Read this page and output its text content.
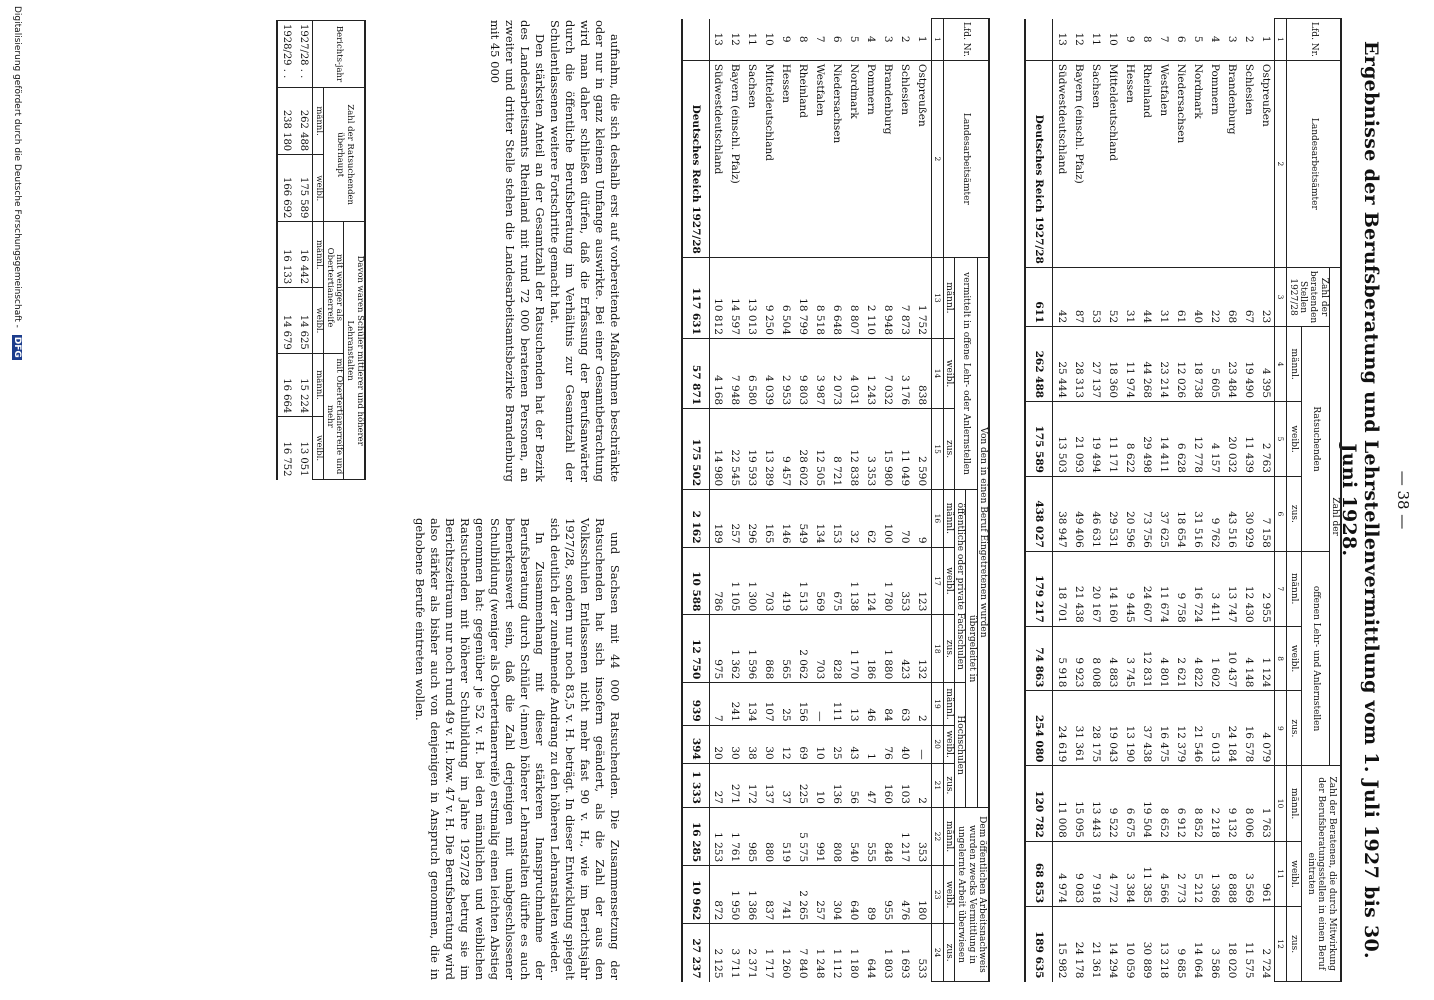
— 38 —
Ergebnisse der Berufsberatung und Lehrstellenvermittlung vom 1. Juli 1927 bis 30. Juni 1928.
Lfd. Nr.	Landesarbeitsämter	Zahl der							Zahl der Beratenen, die durch Mitwirkung der Berufsberatungsstellen in einen Beruf eintraten		
		Zahl der beratenden Stellen 1927/28	Ratsuchenden			offenen Lehr- und Anlernstellen					
			männl.	weibl.	zus.	männl.	weibl.	zus.	männl.	weibl.	zus.
1	2	3	4	5	6	7	8	9	10	11	12
1	Ostpreußen	23	4 395	2 763	7 158	2 955	1 124	4 079	1 763	961	2 724
2	Schlesien	67	19 490	11 439	30 929	12 430	4 148	16 578	8 006	3 569	11 575
3	Brandenburg	68	23 484	20 032	43 516	13 747	10 437	24 184	9 132	8 888	18 020
4	Pommern	22	5 605	4 157	9 762	3 411	1 602	5 013	2 218	1 368	3 586
5	Nordmark	40	18 738	12 778	31 516	16 724	4 822	21 546	8 852	5 212	14 064
6	Niedersachsen	61	12 026	6 628	18 654	9 758	2 621	12 379	6 912	2 773	9 685
7	Westfalen	31	23 214	14 411	37 625	11 674	4 801	16 475	8 652	4 566	13 218
8	Rheinland	44	44 268	29 498	73 756	24 607	12 831	37 438	19 504	11 385	30 889
9	Hessen	31	11 974	8 622	20 596	9 445	3 745	13 190	6 675	3 384	10 059
10	Mitteldeutschland	52	18 360	11 171	29 531	14 160	4 883	19 043	9 522	4 772	14 294
11	Sachsen	53	27 137	19 494	46 631	20 167	8 008	28 175	13 443	7 918	21 361
12	Bayern (einschl. Pfalz)	87	28 313	21 093	49 406	21 438	9 923	31 361	15 095	9 083	24 178
13	Südwestdeutschland	42	25 444	13 503	38 947	18 701	5 918	24 619	11 008	4 974	15 982
	Deutsches Reich 1927/28	611	262 488	175 589	438 027	179 217	74 863	254 080	120 782	68 853	189 635
Lfd. Nr.	Landesarbeitsämter	Von den in einen Beruf Eingetretenen wurden									Dem öffentlichen Arbeitsnachweis wurden zwecks Vermittlung in ungelernte Arbeit überwiesen		
		vermittelt in offene Lehr- oder Anlernstellen			übergeleitet in								
					öffentliche oder private Fachschulen			Hochschulen					
		männl.	weibl.	zus.	männl.	weibl.	zus.	männl.	weibl.	zus.	männl.	weibl.	zus.
1	2	13	14	15	16	17	18	19	20	21	22	23	24
1	Ostpreußen	1 752	838	2 590	9	123	132	2	—	2	353	180	533
2	Schlesien	7 873	3 176	11 049	70	353	423	63	40	103	1 217	476	1 693
3	Brandenburg	8 948	7 032	15 980	100	1 780	1 880	84	76	160	848	955	1 803
4	Pommern	2 110	1 243	3 353	62	124	186	46	1	47	555	89	644
5	Nordmark	8 807	4 031	12 838	32	1 138	1 170	13	43	56	540	640	1 180
6	Niedersachsen	6 648	2 073	8 721	153	675	828	111	25	136	808	304	1 112
7	Westfalen	8 518	3 987	12 505	134	569	703	—	10	10	991	257	1 248
8	Rheinland	18 799	9 803	28 602	549	1 513	2 062	156	69	225	5 575	2 265	7 840
9	Hessen	6 504	2 953	9 457	146	419	565	25	12	37	519	741	1 260
10	Mitteldeutschland	9 250	4 039	13 289	165	703	868	107	30	137	880	837	1 717
11	Sachsen	13 013	6 580	19 593	296	1 300	1 596	134	38	172	985	1 386	2 371
12	Bayern (einschl. Pfalz)	14 597	7 948	22 545	257	1 105	1 362	241	30	271	1 761	1 950	3 711
13	Südwestdeutschland	10 812	4 168	14 980	189	786	975	7	20	27	1 253	872	2 125
	Deutsches Reich 1927/28	117 631	57 871	175 502	2 162	10 588	12 750	939	394	1 333	16 285	10 962	27 237

aufnahm, die sich deshalb erst auf vorbereitende Maßnahmen beschränkte oder nur in ganz kleinem Umfange auswirkte. Bei einer Gesamtbetrachtung wird man daher schließen dürfen, daß die Erfassung der Berufsanwärter durch die öffentliche Berufsberatung im Verhältnis zur Gesamtzahl der Schulentlassenen weitere Fortschritte gemacht hat.

Den stärksten Anteil an der Gesamtzahl der Ratsuchenden hat der Bezirk des Landesarbeitsamts Rheinland mit rund 72 000 beratenen Personen, an zweiter und dritter Stelle stehen die Landesarbeitsamtsbezirke Brandenburg mit 45 000

und Sachsen mit 44 000 Ratsuchenden. Die Zusammensetzung der Ratsuchenden hat sich insofern geändert, als die Zahl der aus den Volksschulen Entlassenen nicht mehr fast 90 v. H., wie im Berichtsjahr 1927/28, sondern nur noch 83,5 v. H. beträgt. In dieser Entwicklung spiegelt sich deutlich der zunehmende Andrang zu den höheren Lehranstalten wieder.

In Zusammenhang mit dieser stärkeren Inanspruchnahme der Berufsberatung durch Schüler (-innen) höherer Lehranstalten dürfte es auch bemerkenswert sein, daß die Zahl derjenigen mit unabgeschlossener Schulbildung (weniger als Obertertianerreife) erstmalig einen leichten Abstieg genommen hat: gegenüber je 52 v. H. bei den männlichen und weiblichen Ratsuchenden mit höherer Schulbildung im Jahre 1927/28 betrug sie im Berichtszeitraum nur noch rund 49 v. H. bzw. 47 v. H. Die Berufsberatung wird also stärker als bisher auch von denjenigen in Anspruch genommen, die in gehobene Berufe eintreten wollen.

Berichts-jahr	Zahl der Ratsuchenden überhaupt		Davon waren Schüler mittlerer und höherer Lehranstalten			
			mit weniger als Obertertianerreife		mit Obertertianerreife und mehr	
	männl.	weibl.	männl.	weibl.	männl.	weibl.
1927/28 . .	262 488	175 589	16 442	14 625	15 224	13 051
1928/29 . .	238 180	166 692	16 133	14 679	16 664	16 752
Digitalisierung gefördert durch die Deutsche Forschungsgemeinschaft - DFG
